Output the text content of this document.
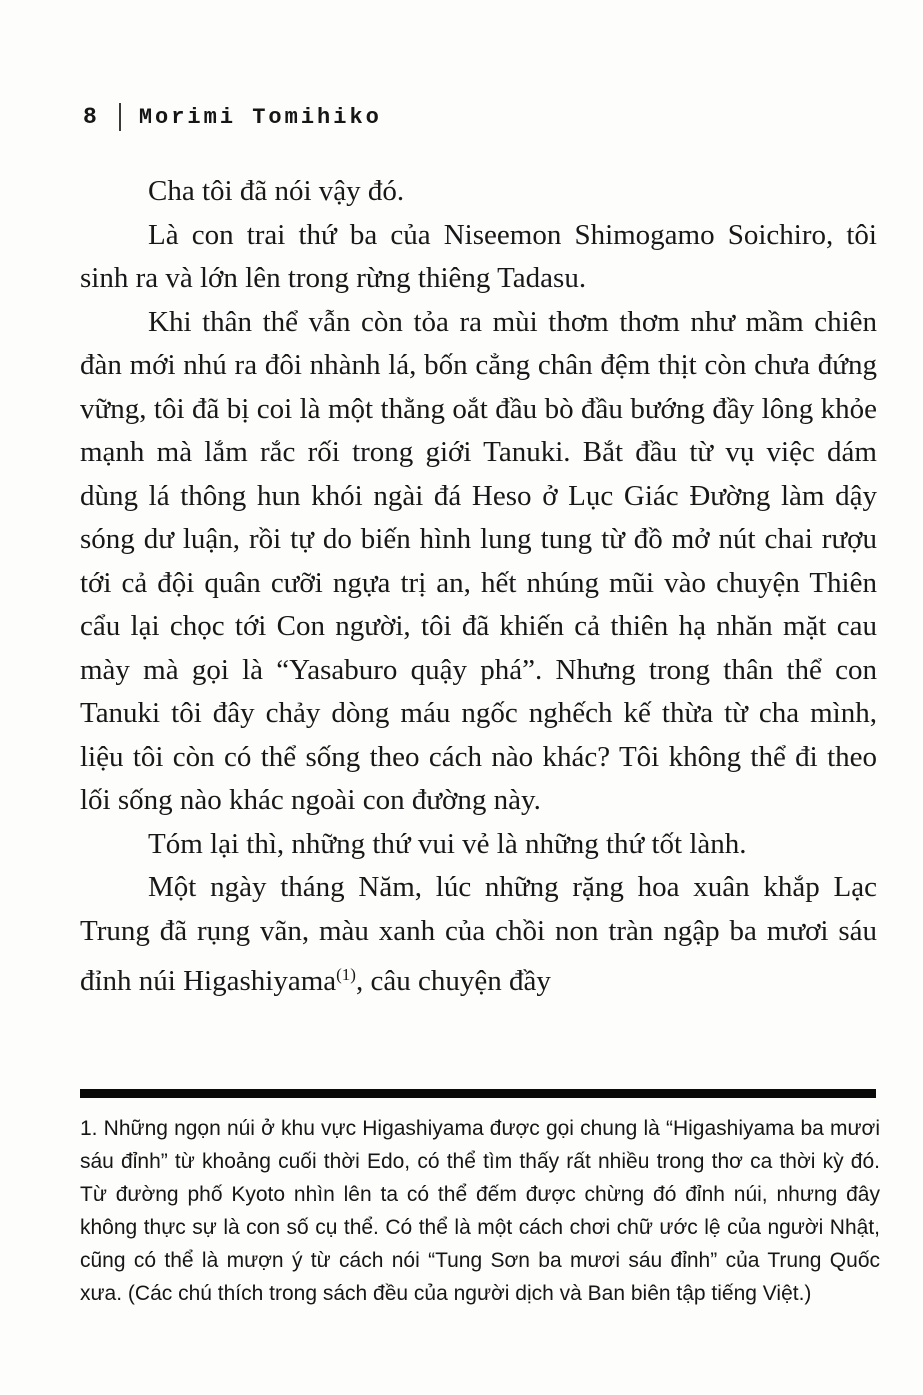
8 Morimi Tomihiko

Cha tôi đã nói vậy đó.

Là con trai thứ ba của Niseemon Shimogamo Soichiro, tôi sinh ra và lớn lên trong rừng thiêng Tadasu.

Khi thân thể vẫn còn tỏa ra mùi thơm thơm như mầm chiên đàn mới nhú ra đôi nhành lá, bốn cẳng chân đệm thịt còn chưa đứng vững, tôi đã bị coi là một thằng oắt đầu bò đầu bướng đầy lông khỏe mạnh mà lắm rắc rối trong giới Tanuki. Bắt đầu từ vụ việc dám dùng lá thông hun khói ngài đá Heso ở Lục Giác Đường làm dậy sóng dư luận, rồi tự do biến hình lung tung từ đồ mở nút chai rượu tới cả đội quân cưỡi ngựa trị an, hết nhúng mũi vào chuyện Thiên cẩu lại chọc tới Con người, tôi đã khiến cả thiên hạ nhăn mặt cau mày mà gọi là “Yasaburo quậy phá”. Nhưng trong thân thể con Tanuki tôi đây chảy dòng máu ngốc nghếch kế thừa từ cha mình, liệu tôi còn có thể sống theo cách nào khác? Tôi không thể đi theo lối sống nào khác ngoài con đường này.

Tóm lại thì, những thứ vui vẻ là những thứ tốt lành.

Một ngày tháng Năm, lúc những rặng hoa xuân khắp Lạc Trung đã rụng vãn, màu xanh của chồi non tràn ngập ba mươi sáu đỉnh núi Higashiyama$^{(1)}$, câu chuyện đầy

1. Những ngọn núi ở khu vực Higashiyama được gọi chung là “Higashiyama ba mươi sáu đỉnh” từ khoảng cuối thời Edo, có thể tìm thấy rất nhiều trong thơ ca thời kỳ đó. Từ đường phố Kyoto nhìn lên ta có thể đếm được chừng đó đỉnh núi, nhưng đây không thực sự là con số cụ thể. Có thể là một cách chơi chữ ước lệ của người Nhật, cũng có thể là mượn ý từ cách nói “Tung Sơn ba mươi sáu đỉnh” của Trung Quốc xưa. (Các chú thích trong sách đều của người dịch và Ban biên tập tiếng Việt.)
